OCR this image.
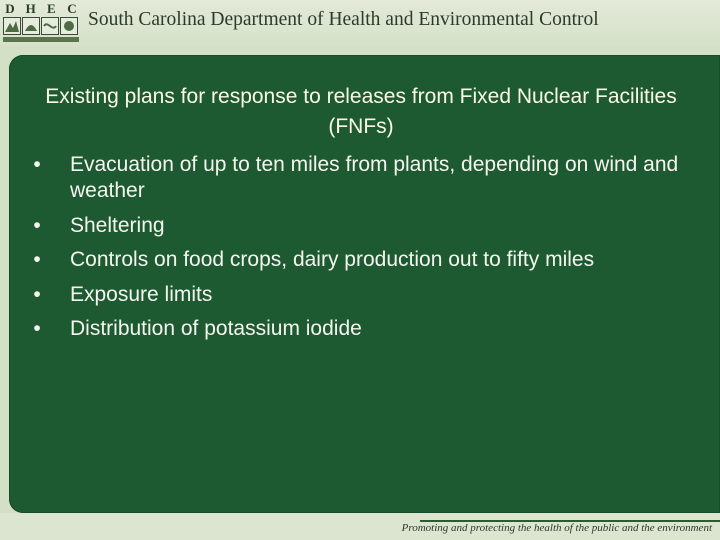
D H E C
South Carolina Department of Health and Environmental Control
Existing plans for response to releases from Fixed Nuclear Facilities (FNFs)
• Evacuation of up to ten miles from plants, depending on wind and weather
• Sheltering
• Controls on food crops, dairy production out to fifty miles
• Exposure limits
• Distribution of potassium iodide
Promoting and protecting the health of the public and the environment
